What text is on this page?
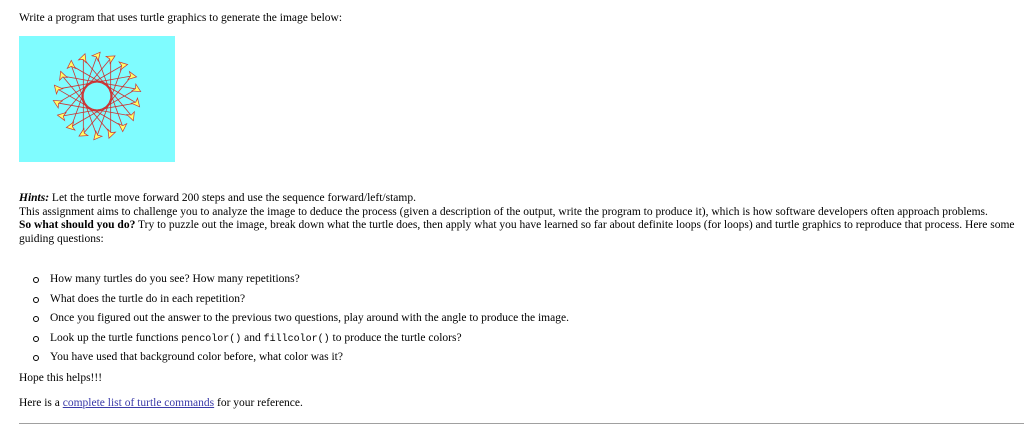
Write a program that uses turtle graphics to generate the image below:

Hints: Let the turtle move forward 200 steps and use the sequence forward/left/stamp.

This assignment aims to challenge you to analyze the image to deduce the process (given a description of the output, write the program to produce it), which is how software developers often approach problems.

So what should you do? Try to puzzle out the image, break down what the turtle does, then apply what you have learned so far about definite loops (for loops) and turtle graphics to reproduce that process. Here some guiding questions:

How many turtles do you see? How many repetitions?
What does the turtle do in each repetition?
Once you figured out the answer to the previous two questions, play around with the angle to produce the image.
Look up the turtle functions pencolor() and fillcolor() to produce the turtle colors?
You have used that background color before, what color was it?

Hope this helps!!!

Here is a complete list of turtle commands for your reference.
